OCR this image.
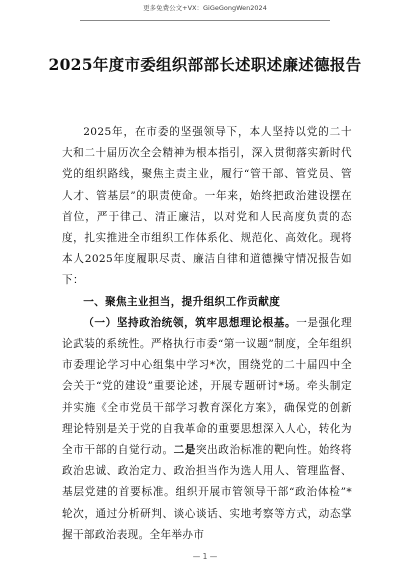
更多免费公文+VX：GiGeGongWen2024
2025年度市委组织部部长述职述廉述德报告

2025年，在市委的坚强领导下，本人坚持以党的二十大和二十届历次全会精神为根本指引，深入贯彻落实新时代党的组织路线，聚焦主责主业，履行“管干部、管党员、管人才、管基层”的职责使命。一年来，始终把政治建设摆在首位，严于律己、清正廉洁，以对党和人民高度负责的态度，扎实推进全市组织工作体系化、规范化、高效化。现将本人2025年度履职尽责、廉洁自律和道德操守情况报告如下：

一、聚焦主业担当，提升组织工作贡献度

（一）坚持政治统领，筑牢思想理论根基。一是强化理论武装的系统性。严格执行市委“第一议题”制度，全年组织市委理论学习中心组集中学习*次，围绕党的二十届四中全会关于“党的建设”重要论述，开展专题研讨*场。牵头制定并实施《全市党员干部学习教育深化方案》，确保党的创新理论特别是关于党的自我革命的重要思想深入人心，转化为全市干部的自觉行动。二是突出政治标准的靶向性。始终将政治忠诚、政治定力、政治担当作为选人用人、管理监督、基层党建的首要标准。组织开展市管领导干部“政治体检”*轮次，通过分析研判、谈心谈话、实地考察等方式，动态掌握干部政治表现。全年举办市

— 1 —
